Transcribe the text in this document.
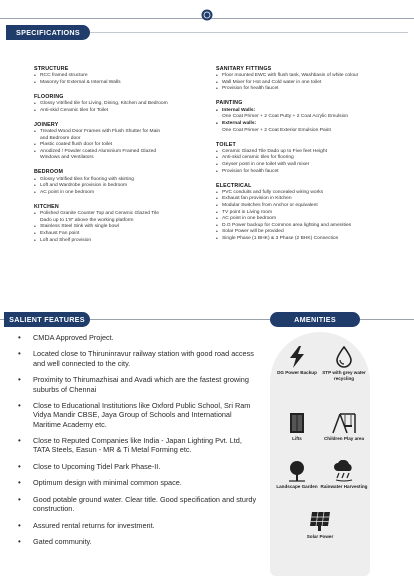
SPECIFICATIONS
STRUCTURE
• RCC framed structure
• Masonry for External & Internal Walls
FLOORING
• Glossy Vitrified tile for Living, Dining, Kitchen and Bedroom
• Anti-skid Ceramic tiles for Toilet
JOINERY
• Treated Wood Door Frames with Flush Shutter for Main
and Bedroom door
• Plastic coated flush door for toilet
• Anodized / Powder coated Aluminium Framed Glazed
Windows and Ventilators
BEDROOM
• Glossy Vitrified tiles for flooring with skirting
• Loft and Wardrobe provision in bedroom
• AC point in one bedroom
KITCHEN
• Polished Granite Counter Top and Ceramic Glazed Tile
Dado up to 1'8" above the working platform
• Stainless Steel Sink with single bowl
• Exhaust Fan point
• Loft and Shelf provision
SANITARY FITTINGS
• Floor mounted EWC with flush tank, Washbasin of white colour
• Wall Mixer for Hot and Cold water in one toilet
• Provision for health faucet
PAINTING
• Internal Walls:
One Coat Primer + 2 Coat Putty + 2 Coat Acrylic Emulsion
• External walls:
One Coat Primer + 2 Coat Exterior Emulsion Paint
TOILET
• Ceramic Glazed Tile Dado up to Five feet Height
• Anti-skid ceramic tiles for flooring
• Geyser point in one toilet with wall mixer
• Provision for health faucet
ELECTRICAL
• PVC conduits and fully concealed wiring works
• Exhaust fan provision in Kitchen
• Modular Switches from Anchor or equivalent
• TV point in Living room
• AC point in one bedroom
• D.G Power backup for Common area lighting and amenities
• Solar Power will be provided
• Single Phase (1 BHK) & 3 Phase (2 BHK) Connection
SALIENT FEATURES	AMENITIES
• CMDA Approved Project.
• Located close to Thiruninravur railway station with good road access and well connected to the city.
• Proximity to Thirumazhisai and Avadi which are the fastest growing suburbs of Chennai
• Close to Educational Institutions like Oxford Public School, Sri Ram Vidya Mandir CBSE, Jaya Group of Schools and International Maritime Academy etc.
• Close to Reputed Companies like India - Japan Lighting Pvt. Ltd, TATA Steels, Easun - MR & Ti Metal Forming etc.
• Close to Upcoming Tidel Park Phase-II.
• Optimum design with minimal common space.
• Good potable ground water. Clear title. Good specification and sturdy construction.
• Assured rental returns for investment.
• Gated community.
DG Power Backup	STP with grey water recycling
Lifts	Children Play area
Landscape Garden Rainwater Harvesting
Solar Power
